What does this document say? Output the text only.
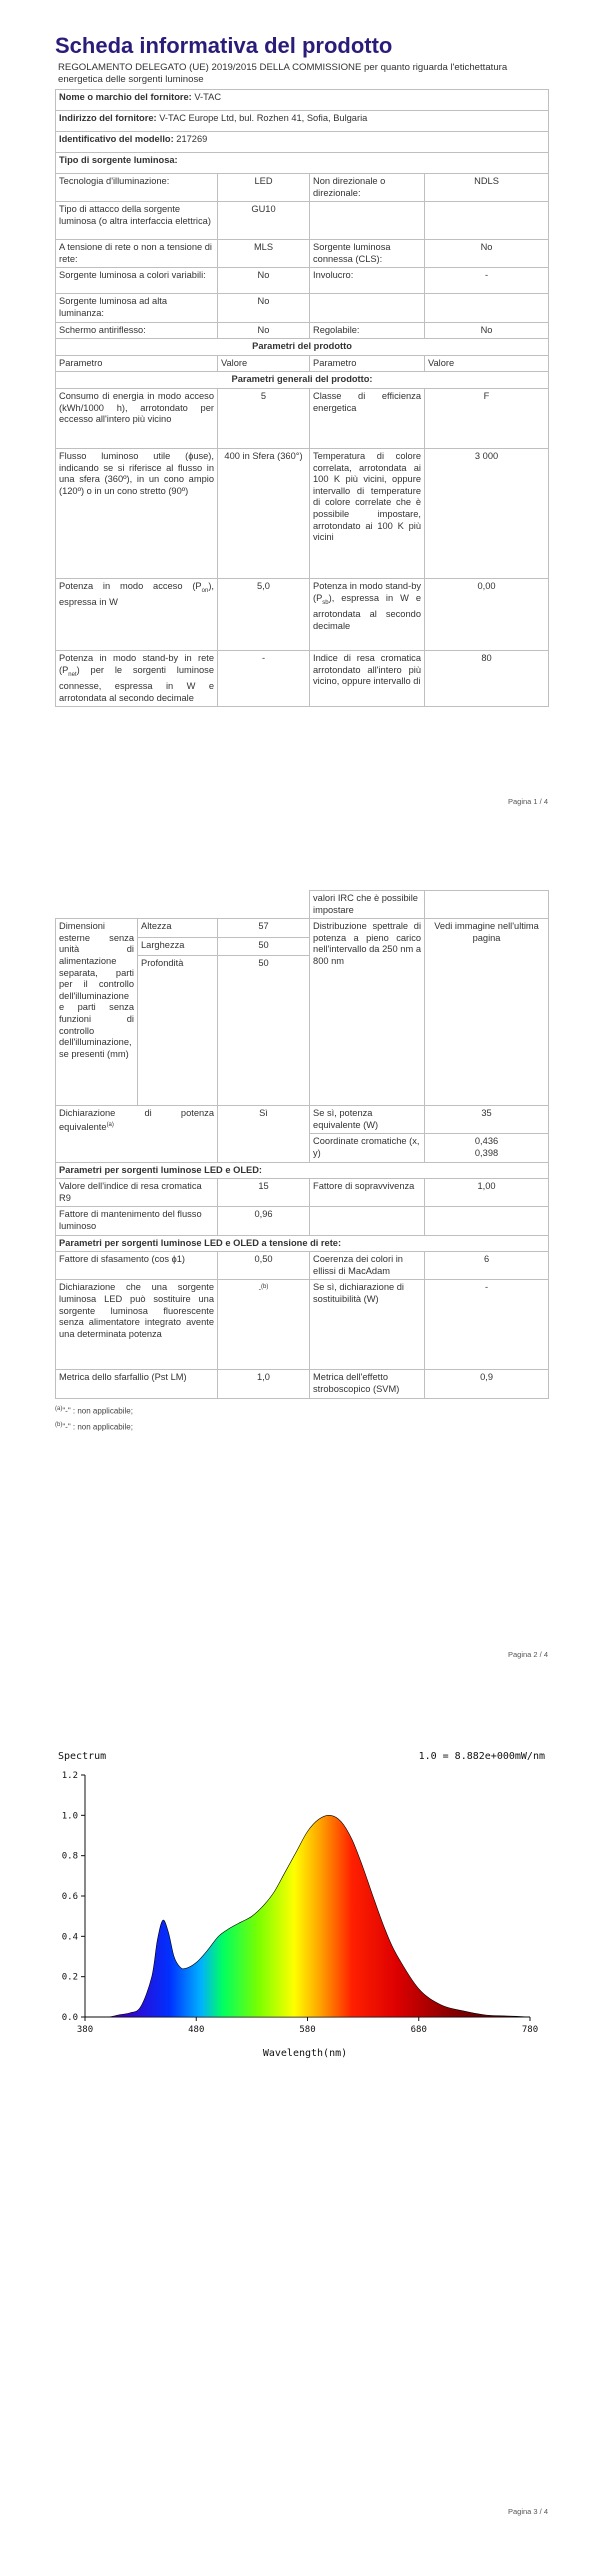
Scheda informativa del prodotto
REGOLAMENTO DELEGATO (UE) 2019/2015 DELLA COMMISSIONE per quanto riguarda l'etichettatura energetica delle sorgenti luminose
Nome o marchio del fornitore: V-TAC			
Indirizzo del fornitore: V-TAC Europe Ltd, bul. Rozhen 41, Sofia, Bulgaria			
Identificativo del modello: 217269			
Tipo di sorgente luminosa:			
Tecnologia d'illuminazione:	LED	Non direzionale o direzionale:	NDLS
Tipo di attacco della sorgente luminosa (o altra interfaccia elettrica)	GU10		
A tensione di rete o non a tensione di rete:	MLS	Sorgente luminosa connessa (CLS):	No
Sorgente luminosa a colori variabili:	No	Involucro:	-
Sorgente luminosa ad alta luminanza:	No		
Schermo antiriflesso:	No	Regolabile:	No
Parametri del prodotto			
Parametro	Valore	Parametro	Valore
Parametri generali del prodotto:			
Consumo di energia in modo acceso (kWh/1000 h), arrotondato per eccesso all'intero più vicino	5	Classe di efficienza energetica	F
Flusso luminoso utile (ɸuse), indicando se si riferisce al flusso in una sfera (360º), in un cono ampio (120º) o in un cono stretto (90º)	400 in Sfera (360°)	Temperatura di colore correlata, arrotondata ai 100 K più vicini, oppure intervallo di temperature di colore correlate che è possibile impostare, arrotondato ai 100 K più vicini	3 000
Potenza in modo acceso $(P_{on})$, espressa in W	5,0	Potenza in modo stand-by $(P_{sb})$, espressa in W e arrotondata al secondo decimale	0,00
Potenza in modo stand-by in rete $(P_{net})$ per le sorgenti luminose connesse, espressa in W e arrotondata al secondo decimale	-	Indice di resa cromatica arrotondato all'intero più vicino, oppure intervallo di	80
Pagina 1 / 4
			valori IRC che è possibile impostare	
Dimensioni esterne senza unità di alimentazione separata, parti per il controllo dell'illuminazione e parti senza funzioni di controllo dell'illuminazione, se presenti (mm)	Altezza	57	Distribuzione spettrale di potenza a pieno carico nell'intervallo da 250 nm a 800 nm	Vedi immagine nell'ultima pagina
	Larghezza	50		
	Profondità	50		
Dichiarazione di potenza equivalente$^{(a)}$		Sì	Se sì, potenza equivalente (W)	35
			Coordinate cromatiche (x, y)	0,436
0,398
Parametri per sorgenti luminose LED e OLED:				
Valore dell'indice di resa cromatica R9		15	Fattore di sopravvivenza	1,00
Fattore di mantenimento del flusso luminoso		0,96		
Parametri per sorgenti luminose LED e OLED a tensione di rete:				
Fattore di sfasamento (cos ɸ1)		0,50	Coerenza dei colori in ellissi di MacAdam	6
Dichiarazione che una sorgente luminosa LED può sostituire una sorgente luminosa fluorescente senza alimentatore integrato avente una determinata potenza		-$^{(b)}$	Se sì, dichiarazione di sostituibilità (W)	-
Metrica dello sfarfallio (Pst LM)		1,0	Metrica dell'effetto stroboscopico (SVM)	0,9
$^{(a)}$"-" : non applicabile;
$^{(b)}$"-" : non applicabile;
Pagina 2 / 4
0.0
0.2
0.4
0.6
0.8
1.0
1.2
380	480	580	680	780
Spectrum	1.0 = 8.882e+000mW/nm
Wavelength(nm)
Pagina 3 / 4
